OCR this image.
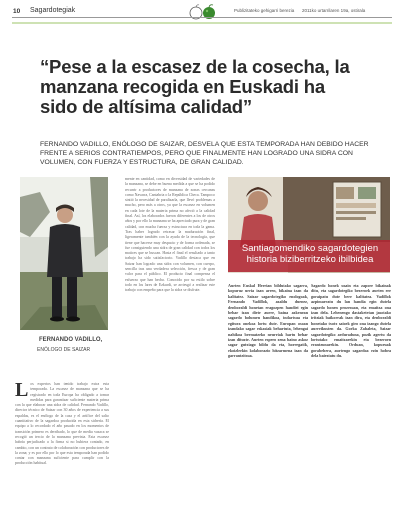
10 Sagardotegiak	Publizitateko gehigarri berezia 2011ko urtarrilaren 19a, ostirala
“Pese a la escasez de la cosecha, la manzana recogida en Euskadi ha sido de altísima calidad”

FERNANDO VADILLO, ENÓLOGO DE SAIZAR, DESVELA QUE ESTA TEMPORADA HAN DEBIDO HACER FRENTE A SERIOS CONTRATIEMPOS, PERO QUE FINALMENTE HAN LOGRADO UNA SIDRA CON VOLUMEN, CON FUERZA Y ESTRUCTURA, DE GRAN CALIDAD.

FERNANDO VADILLO,
ENÓLOGO DE SAIZAR
Los expertos han tenido trabajo extra esta temporada. La escasez de manzana que se ha registrado en toda Europa ha obligado a tomar medidas para garantizar suficiente materia prima con la que elaborar una sidra de calidad. Fernando Vadillo, director técnico de Saizar con 30 años de experiencia a sus espaldas, es el enólogo de la casa y el artífice del salto cuantitativo de la sagardoa producida en esta sidrería. El equipo a lo recordado el año pasado en los momentos de transición primero es derribado, lo que de media vasaca se recogió un tercio de la manzana prevista. Esta escasez habría perjudicado a la firma si no hubiera contado, en cambio, con un contrato de colaboración con productores de la zona; y es por ello por lo que esta temporada han podido contar con manzana suficiente para cumplir con la producción habitual.
mente en cantidad, como en diversidad de variedades de la manzana, se debe en buena medida a que se ha podido recurrir a productores de manzana de zonas cercanas como Navarra, Cantabria o la República Checa. Tampoco sintió la necesidad de paralizarla, que llevó problemas a mucho, pero más a otros, ya que la escasez en volumen en cada lote de la materia prima no afectó a la calidad final. Así, los elaborados fueron diferentes a los de otros años y por ello la manzana se ha apreciado pura y de gran calidad, con mucha fuerza y estructura en toda la gama. Tras haber logrado retrasar la maduración final, ligeramente también con la ayuda de la tecnología, que tiene que hacerse muy despacio y de forma ordenada, se fue consiguiendo una sidra de gran calidad con todos los matices que se buscan. Hasta el final el resultado a tanto trabajo ha sido satisfactorio. Vadillo destaca que en Saizar han logrado una sidra con volumen, con cuerpo, sencilla tras una verdadera selección, fresca y de gran valor para el público. El producto final compensa el esfuerzo que han hecho. Conocido por su estilo sobre todo en los lares de Ezkurdi, se arriesgó a realizar este trabajo con empeño para que la sidra se disfrute.
Santiagomendiko sagardotegien historia biziberritzeko ibilbidea
Aurten Euskal Herrian bildutako sagarra, kopuruz urria izan arren, bikaina izan da kalitatez. Saizar sagardotegiko enologoak, Fernando Vadillok, azaldu duenez, denboraldi honetan eragozpen handiei egin behar izan diete aurre, baina azkenean sagardo bolumen handikoa, indartsua eta egitura onekoa lortu dute. Europan osoan izandako sagar eskasiak behartuta, lehengai nahikoa bermatzeko neurriak hartu behar izan dituzte. Aurten espero zena baino askoz sagar gutxiago bildu da eta, horregatik, ekoizleekin kolaborazio hitzarmena izan da garrantzitsua.
Sagardo honek usain eta zapore bikainak ditu, eta sagardotegiko bezeroek aurten ere goraipatu dute bere kalitatea. Vadillok azpimarratu du lan handia egin dutela sagardo honen prozesuan, eta emaitza ona izan dela. Lehenengo dastaketetan jasotako iritziak baikorrak izan dira, eta denboraldi honetako txotx saioek giro ona izango dutela aurreikusten da. Gorka Zabaleta, Saizar sagardotegiko arduraduna, pozik agertu da lortutako emaitzarekin eta bezeroen erantzunarekin. Orduan, kopuruak gorabehera, aurtengo sagardoa ezin hobea dela baieztatu du.
